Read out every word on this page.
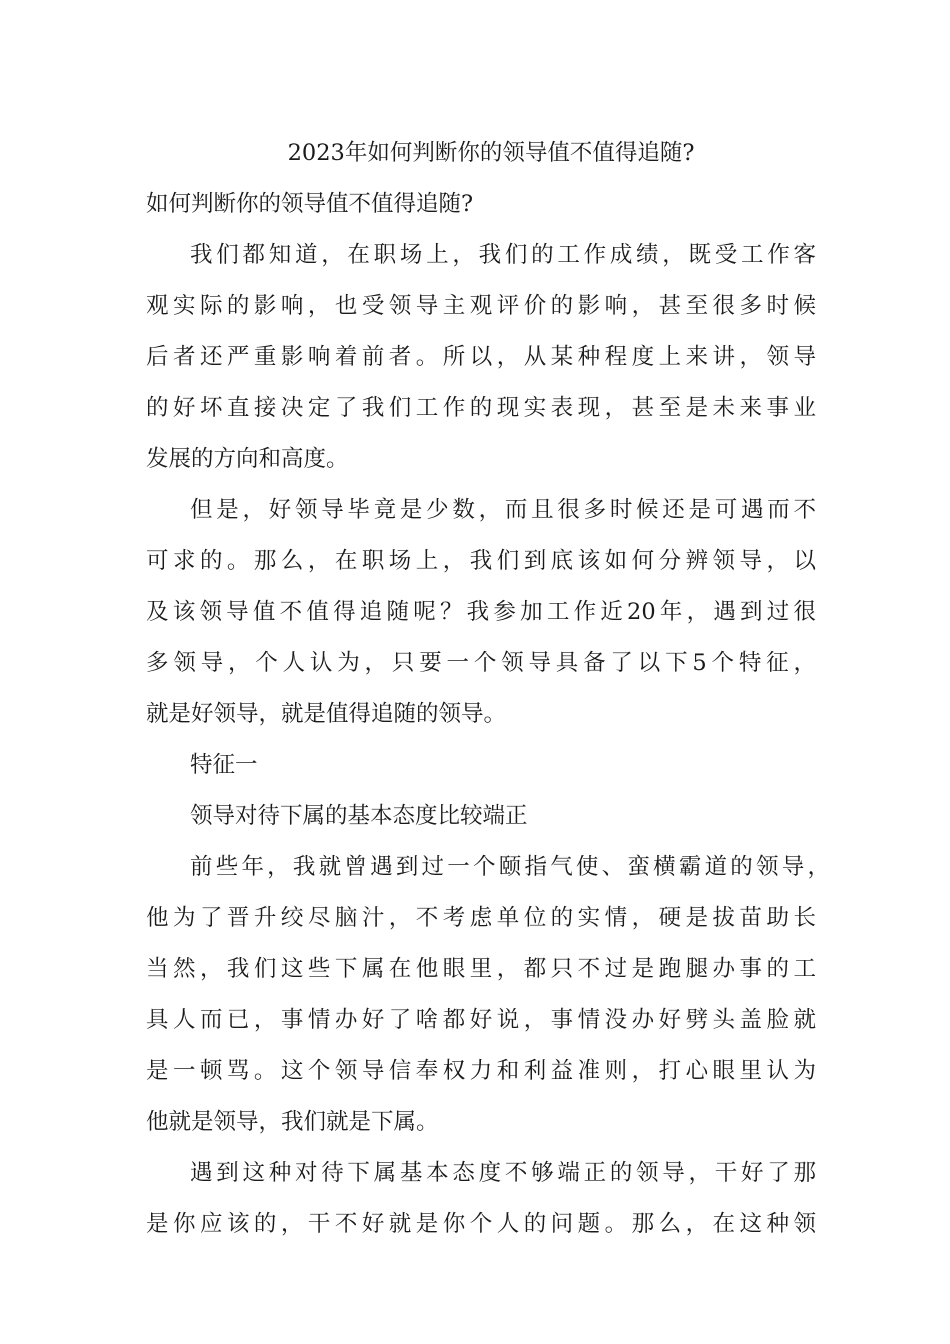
2023年如何判断你的领导值不值得追随?
如何判断你的领导值不值得追随?
我们都知道，在职场上，我们的工作成绩，既受工作客
观实际的影响，也受领导主观评价的影响，甚至很多时候
后者还严重影响着前者。所以，从某种程度上来讲，领导
的好坏直接决定了我们工作的现实表现，甚至是未来事业
发展的方向和高度。
但是，好领导毕竟是少数，而且很多时候还是可遇而不
可求的。那么，在职场上，我们到底该如何分辨领导，以
及该领导值不值得追随呢？我参加工作近20年，遇到过很
多领导，个人认为，只要一个领导具备了以下5个特征，
就是好领导，就是值得追随的领导。
特征一
领导对待下属的基本态度比较端正
前些年，我就曾遇到过一个颐指气使、蛮横霸道的领导，
他为了晋升绞尽脑汁，不考虑单位的实情，硬是拔苗助长
当然，我们这些下属在他眼里，都只不过是跑腿办事的工
具人而已，事情办好了啥都好说，事情没办好劈头盖脸就
是一顿骂。这个领导信奉权力和利益准则，打心眼里认为
他就是领导，我们就是下属。
遇到这种对待下属基本态度不够端正的领导，干好了那
是你应该的，干不好就是你个人的问题。那么，在这种领
